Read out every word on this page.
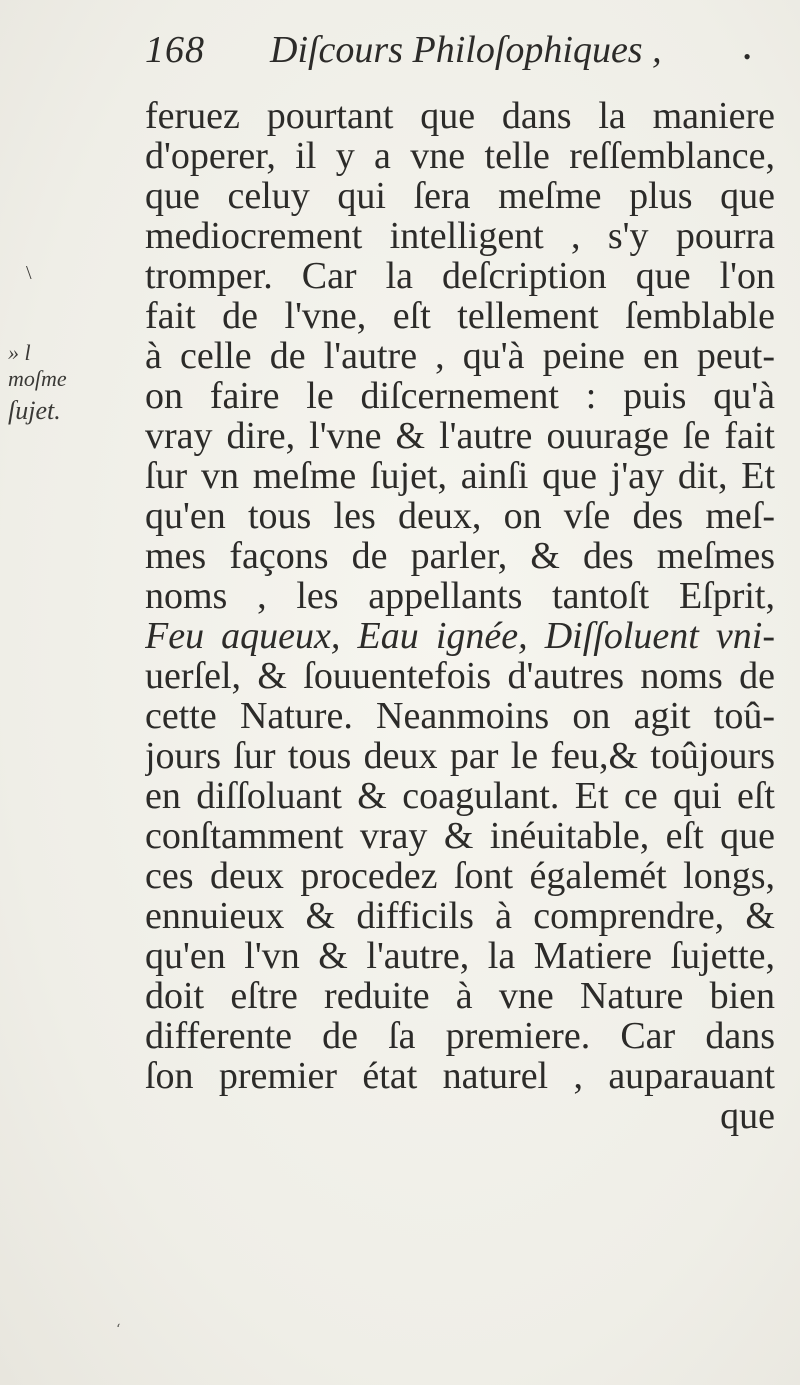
168 Diſcours Philoſophiques ,	•
\
» l
moſme
ſujet.
feruez pourtant que dans la maniere
d'operer, il y a vne telle reſſemblance,
que celuy qui ſera meſme plus que
mediocrement intelligent , s'y pourra
tromper. Car la deſcription que l'on
fait de l'vne, eſt tellement ſemblable
à celle de l'autre , qu'à peine en peut-
on faire le diſcernement : puis qu'à
vray dire, l'vne & l'autre ouurage ſe fait
ſur vn meſme ſujet, ainſi que j'ay dit, Et
qu'en tous les deux, on vſe des meſ-
mes façons de parler, & des meſmes
noms , les appellants tantoſt Eſprit,
Feu aqueux, Eau ignée, Diſſoluent vni-
uerſel, & ſouuentefois d'autres noms de
cette Nature. Neanmoins on agit toû-
jours ſur tous deux par le feu,& toûjours
en diſſoluant & coagulant. Et ce qui eſt
conſtamment vray & inéuitable, eſt que
ces deux procedez ſont égalemét longs,
ennuieux & difficils à comprendre, &
qu'en l'vn & l'autre, la Matiere ſujette,
doit eſtre reduite à vne Nature bien
differente de ſa premiere. Car dans
ſon premier état naturel , auparauant
que
ʻ
